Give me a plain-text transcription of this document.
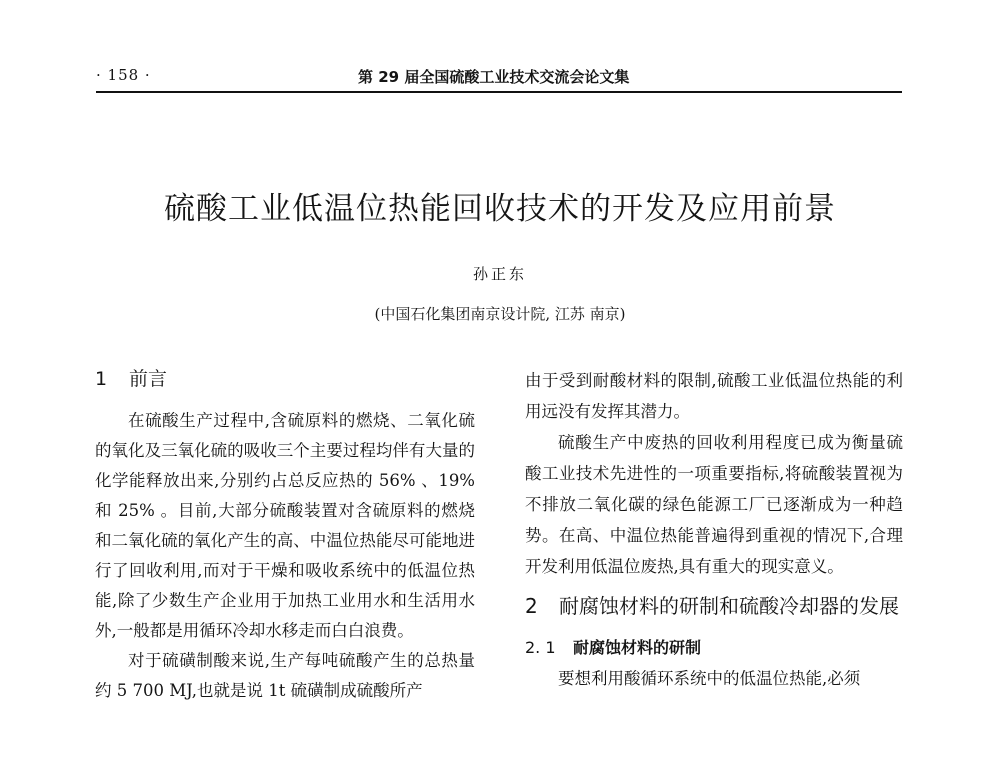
· 158 ·	第 29 届全国硫酸工业技术交流会论文集
硫酸工业低温位热能回收技术的开发及应用前景
孙正东
(中国石化集团南京设计院, 江苏 南京)
1 前言

在硫酸生产过程中,含硫原料的燃烧、二氧化硫的氧化及三氧化硫的吸收三个主要过程均伴有大量的化学能释放出来,分别约占总反应热的 56% 、19% 和 25% 。目前,大部分硫酸装置对含硫原料的燃烧和二氧化硫的氧化产生的高、中温位热能尽可能地进行了回收利用,而对于干燥和吸收系统中的低温位热能,除了少数生产企业用于加热工业用水和生活用水外,一般都是用循环冷却水移走而白白浪费。

对于硫磺制酸来说,生产每吨硫酸产生的总热量约 5 700 MJ,也就是说 1t 硫磺制成硫酸所产

由于受到耐酸材料的限制,硫酸工业低温位热能的利用远没有发挥其潜力。

硫酸生产中废热的回收利用程度已成为衡量硫酸工业技术先进性的一项重要指标,将硫酸装置视为不排放二氧化碳的绿色能源工厂已逐渐成为一种趋势。在高、中温位热能普遍得到重视的情况下,合理开发利用低温位废热,具有重大的现实意义。

2 耐腐蚀材料的研制和硫酸冷却器的发展
2. 1 耐腐蚀材料的研制

要想利用酸循环系统中的低温位热能,必须
